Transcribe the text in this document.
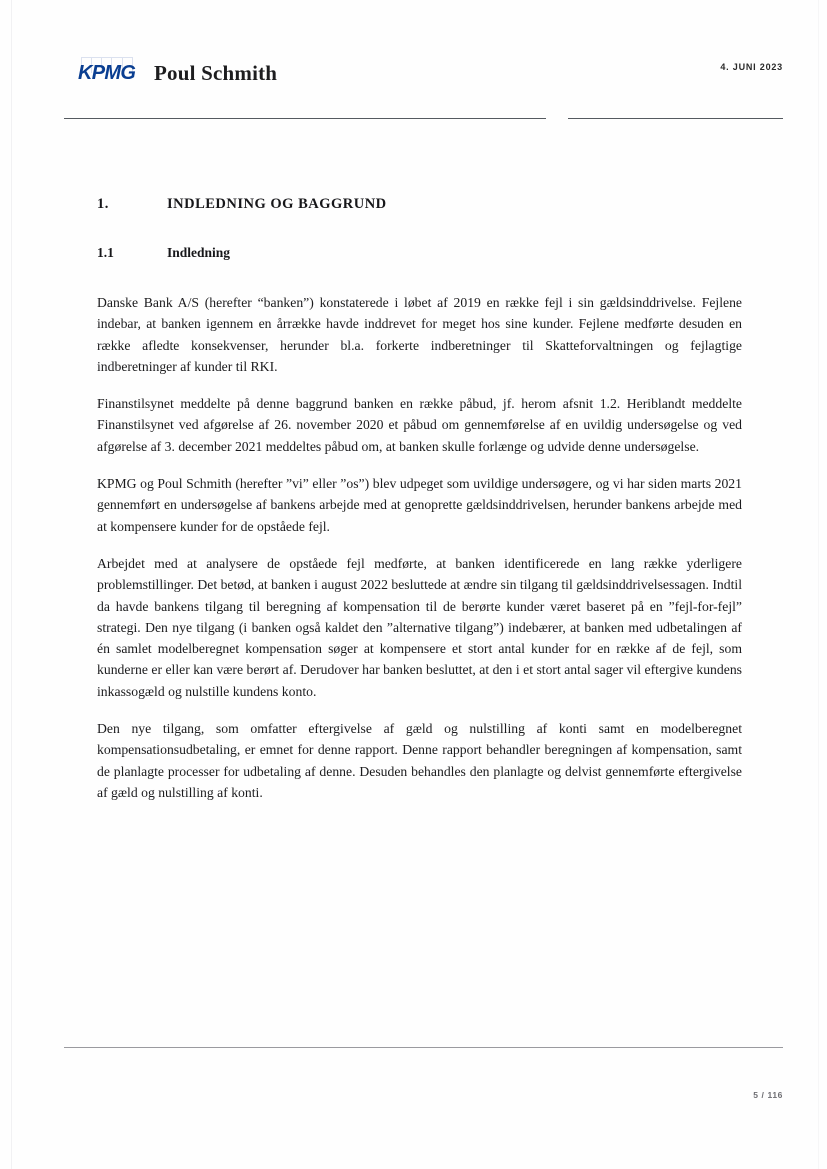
KPMG Poul Schmith	4. JUNI 2023
1.	INDLEDNING OG BAGGRUND
1.1	Indledning

Danske Bank A/S (herefter “banken”) konstaterede i løbet af 2019 en række fejl i sin gældsinddrivelse. Fejlene indebar, at banken igennem en årrække havde inddrevet for meget hos sine kunder. Fejlene medførte desuden en række afledte konsekvenser, herunder bl.a. forkerte indberetninger til Skatteforvaltningen og fejlagtige indberetninger af kunder til RKI.

Finanstilsynet meddelte på denne baggrund banken en række påbud, jf. herom afsnit 1.2. Heriblandt meddelte Finanstilsynet ved afgørelse af 26. november 2020 et påbud om gennemførelse af en uvildig undersøgelse og ved afgørelse af 3. december 2021 meddeltes påbud om, at banken skulle forlænge og udvide denne undersøgelse.

KPMG og Poul Schmith (herefter ”vi” eller ”os”) blev udpeget som uvildige undersøgere, og vi har siden marts 2021 gennemført en undersøgelse af bankens arbejde med at genoprette gældsinddrivelsen, herunder bankens arbejde med at kompensere kunder for de opståede fejl.

Arbejdet med at analysere de opståede fejl medførte, at banken identificerede en lang række yderligere problemstillinger. Det betød, at banken i august 2022 besluttede at ændre sin tilgang til gældsinddrivelsessagen. Indtil da havde bankens tilgang til beregning af kompensation til de berørte kunder været baseret på en ”fejl-for-fejl” strategi. Den nye tilgang (i banken også kaldet den ”alternative tilgang”) indebærer, at banken med udbetalingen af én samlet modelberegnet kompensation søger at kompensere et stort antal kunder for en række af de fejl, som kunderne er eller kan være berørt af. Derudover har banken besluttet, at den i et stort antal sager vil eftergive kundens inkassogæld og nulstille kundens konto.

Den nye tilgang, som omfatter eftergivelse af gæld og nulstilling af konti samt en modelberegnet kompensationsudbetaling, er emnet for denne rapport. Denne rapport behandler beregningen af kompensation, samt de planlagte processer for udbetaling af denne. Desuden behandles den planlagte og delvist gennemførte eftergivelse af gæld og nulstilling af konti.

5 / 116
